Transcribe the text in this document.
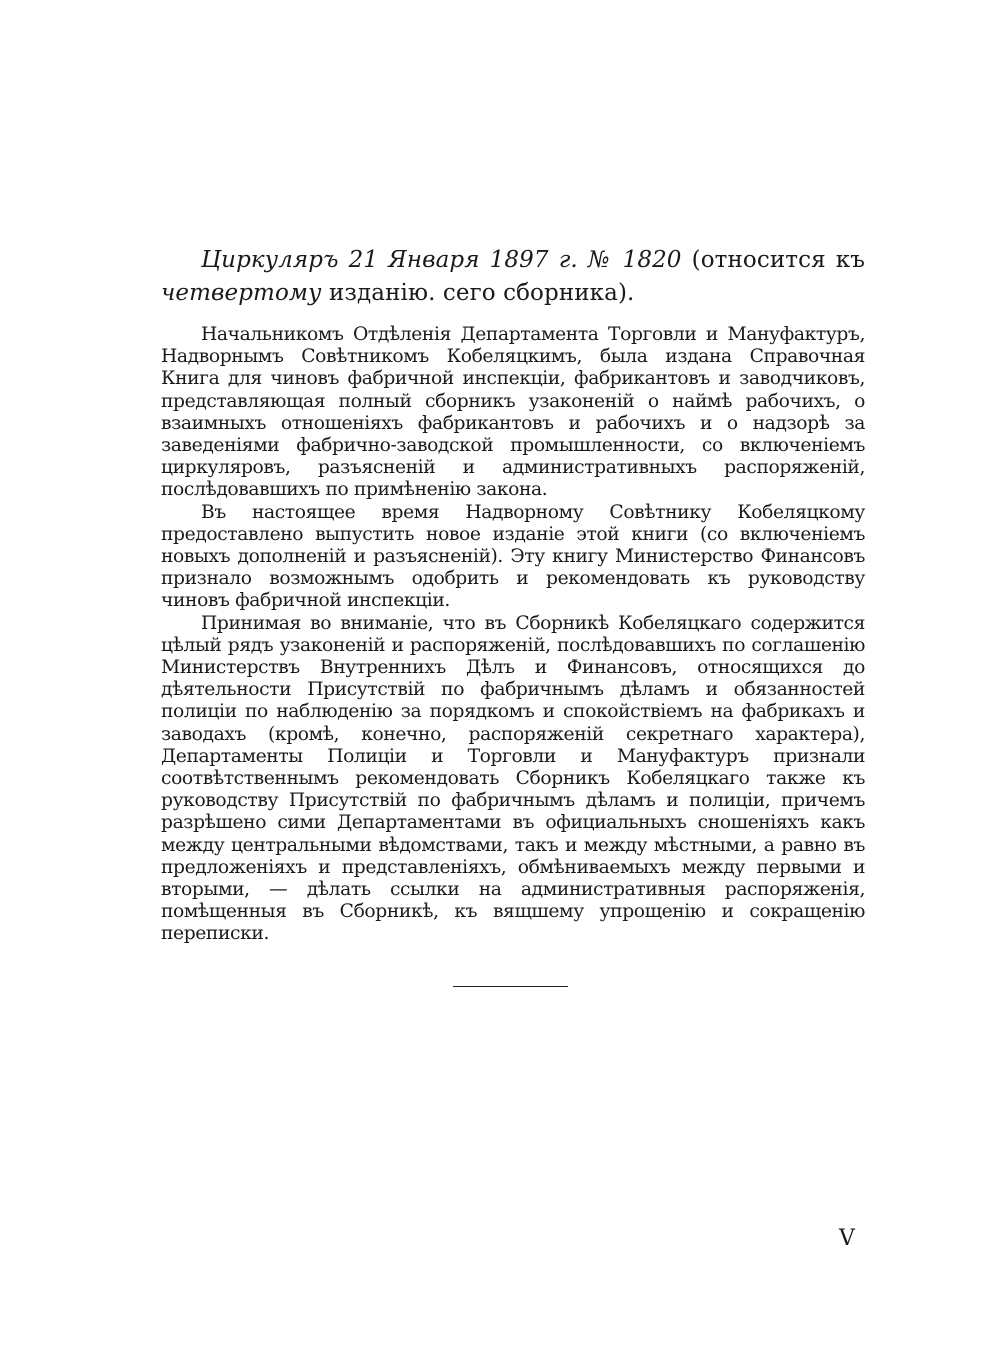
Циркуляръ 21 Января 1897 г. № 1820 (относится къ четвертому изданію. сего сборника).

Начальникомъ Отдѣленія Департамента Торговли и Мануфактуръ, Надворнымъ Совѣтникомъ Кобеляцкимъ, была издана Справочная Книга для чиновъ фабричной инспекціи, фабрикантовъ и заводчиковъ, представляющая полный сборникъ узаконеній о наймѣ рабочихъ, о взаимныхъ отношеніяхъ фабрикантовъ и рабочихъ и о надзорѣ за заведеніями фабрично-заводской промышленности, со включеніемъ циркуляровъ, разъясненій и административныхъ распоряженій, послѣдовавшихъ по примѣненію закона.

Въ настоящее время Надворному Совѣтнику Кобеляцкому предоставлено выпустить новое изданіе этой книги (со включеніемъ новыхъ дополненій и разъясненій). Эту книгу Министерство Финансовъ признало возможнымъ одобрить и рекомендовать къ руководству чиновъ фабричной инспекціи.

Принимая во вниманіе, что въ Сборникѣ Кобеляцкаго содержится цѣлый рядъ узаконеній и распоряженій, послѣдовавшихъ по соглашенію Министерствъ Внутреннихъ Дѣлъ и Финансовъ, относящихся до дѣятельности Присутствій по фабричнымъ дѣламъ и обязанностей полиціи по наблюденію за порядкомъ и спокойствіемъ на фабрикахъ и заводахъ (кромѣ, конечно, распоряженій секретнаго характера), Департаменты Полиціи и Торговли и Мануфактуръ признали соотвѣтственнымъ рекомендовать Сборникъ Кобеляцкаго также къ руководству Присутствій по фабричнымъ дѣламъ и полиціи, причемъ разрѣшено сими Департаментами въ официальныхъ сношеніяхъ какъ между центральными вѣдомствами, такъ и между мѣстными, а равно въ предложеніяхъ и представленіяхъ, обмѣниваемыхъ между первыми и вторыми, — дѣлать ссылки на административныя распоряженія, помѣщенныя въ Сборникѣ, къ вящшему упрощенію и сокращенію переписки.

V
